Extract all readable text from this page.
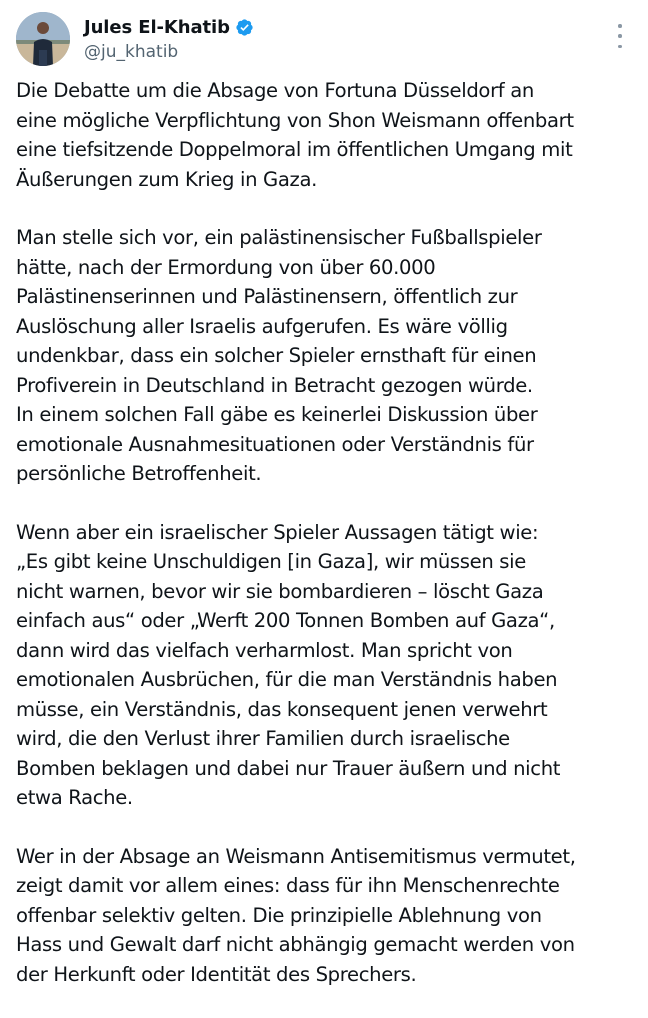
Jules El-Khatib
@ju_khatib

Die Debatte um die Absage von Fortuna Düsseldorf an
eine mögliche Verpflichtung von Shon Weismann offenbart
eine tiefsitzende Doppelmoral im öffentlichen Umgang mit
Äußerungen zum Krieg in Gaza.

Man stelle sich vor, ein palästinensischer Fußballspieler
hätte, nach der Ermordung von über 60.000
Palästinenserinnen und Palästinensern, öffentlich zur
Auslöschung aller Israelis aufgerufen. Es wäre völlig
undenkbar, dass ein solcher Spieler ernsthaft für einen
Profiverein in Deutschland in Betracht gezogen würde.
In einem solchen Fall gäbe es keinerlei Diskussion über
emotionale Ausnahmesituationen oder Verständnis für
persönliche Betroffenheit.

Wenn aber ein israelischer Spieler Aussagen tätigt wie:
„Es gibt keine Unschuldigen [in Gaza], wir müssen sie
nicht warnen, bevor wir sie bombardieren – löscht Gaza
einfach aus“ oder „Werft 200 Tonnen Bomben auf Gaza“,
dann wird das vielfach verharmlost. Man spricht von
emotionalen Ausbrüchen, für die man Verständnis haben
müsse, ein Verständnis, das konsequent jenen verwehrt
wird, die den Verlust ihrer Familien durch israelische
Bomben beklagen und dabei nur Trauer äußern und nicht
etwa Rache.

Wer in der Absage an Weismann Antisemitismus vermutet,
zeigt damit vor allem eines: dass für ihn Menschenrechte
offenbar selektiv gelten. Die prinzipielle Ablehnung von
Hass und Gewalt darf nicht abhängig gemacht werden von
der Herkunft oder Identität des Sprechers.
